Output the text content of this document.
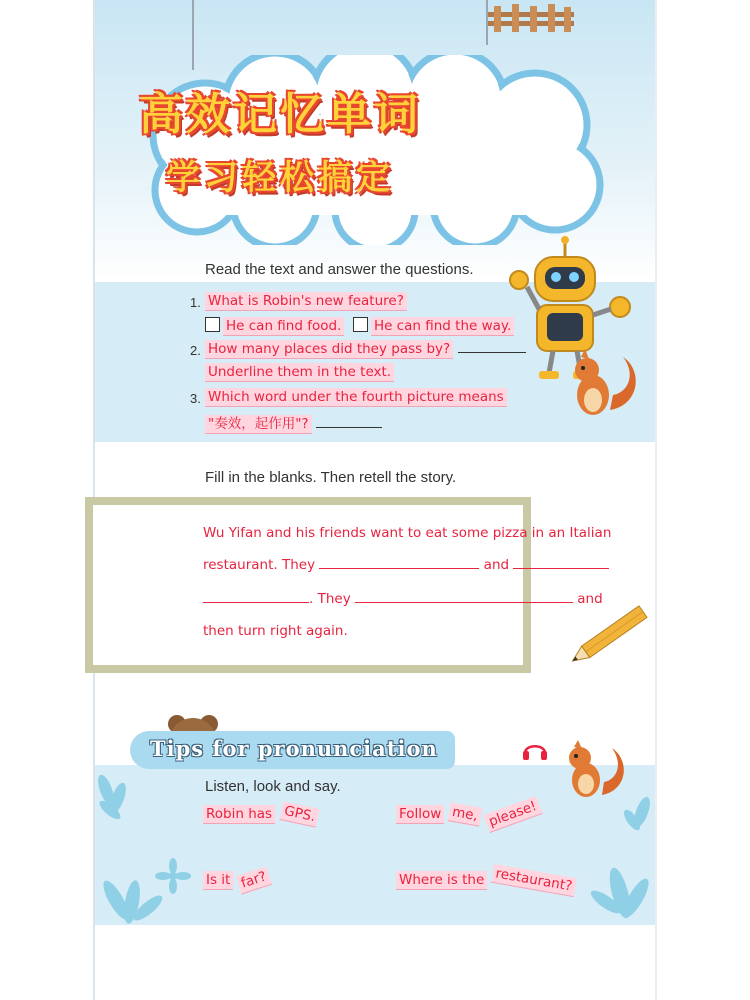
高效记忆单词
学习轻松搞定
Read the text and answer the questions.
1. What is Robin's new feature?
He can find food. He can find the way.
2. How many places did they pass by?
Underline them in the text.
3. Which word under the fourth picture means
"奏效，起作用"?
Fill in the blanks. Then retell the story.
Wu Yifan and his friends want to eat some pizza in an Italian
restaurant. They	and
. They	and
then turn right again.
Tips for pronunciation
Listen, look and say.
Robin has GPS.	Follow me, please!
Is it far?	Where is the restaurant?
